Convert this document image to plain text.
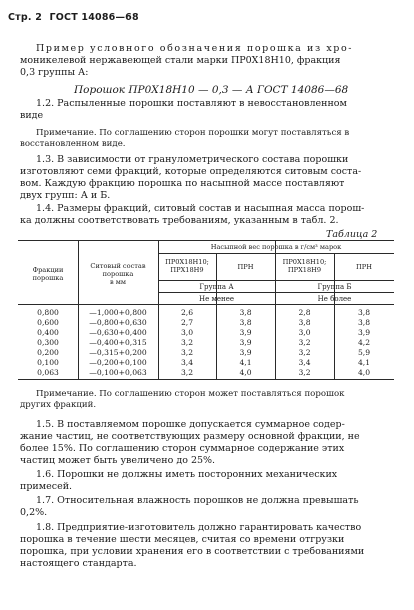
Стр. 2 ГОСТ 14086—68
Пример условного обозначения порошка из хро-
моникелевой нержавеющей стали марки ПР0Х18Н10, фракция
0,3 группы А:
Порошок ПР0Х18Н10 — 0,3 — А ГОСТ 14086—68
1.2. Распыленные порошки поставляют в невосстановленном
виде
Примечание. По соглашению сторон порошки могут поставляться в
восстановленном виде.
1.3. В зависимости от гранулометрического состава порошки
изготовляют семи фракций, которые определяются ситовым соста-
вом. Каждую фракцию порошка по насыпной массе поставляют
двух групп: А и Б.
1.4. Размеры фракций, ситовый состав и насыпная масса порош-
ка должны соответствовать требованиям, указанным в табл. 2.
Таблица 2
Фракции
порошка
Ситовый состав
порошка
в мм
Насыпной вес порошка в г/см³ марок
ПР0Х18Н10;
ПРХ18Н9	ПРН
ПР0Х18Н10;
ПРХ18Н9	ПРН
Группа А	Группа Б
Не менее	Не более
0,800	—1,000+0,800	2,6	3,8	2,8	3,8
0,600	—0,800+0,630	2,7	3,8	3,8	3,8
0,400	—0,630+0,400	3,0	3,9	3,0	3,9
0,300	—0,400+0,315	3,2	3,9	3,2	4,2
0,200	—0,315+0,200	3,2	3,9	3,2	5,9
0,100	—0,200+0,100	3,4	4,1	3,4	4,1
0,063	—0,100+0,063	3,2	4,0	3,2	4,0
Примечание. По соглашению сторон может поставляться порошок
других фракций.
1.5. В поставляемом порошке допускается суммарное содер-
жание частиц, не соответствующих размеру основной фракции, не
более 15%. По соглашению сторон суммарное содержание этих
частиц может быть увеличено до 25%.
1.6. Порошки не должны иметь посторонних механических
примесей.
1.7. Относительная влажность порошков не должна превышать
0,2%.
1.8. Предприятие-изготовитель должно гарантировать качество
порошка в течение шести месяцев, считая со времени отгрузки
порошка, при условии хранения его в соответствии с требованиями
настоящего стандарта.
